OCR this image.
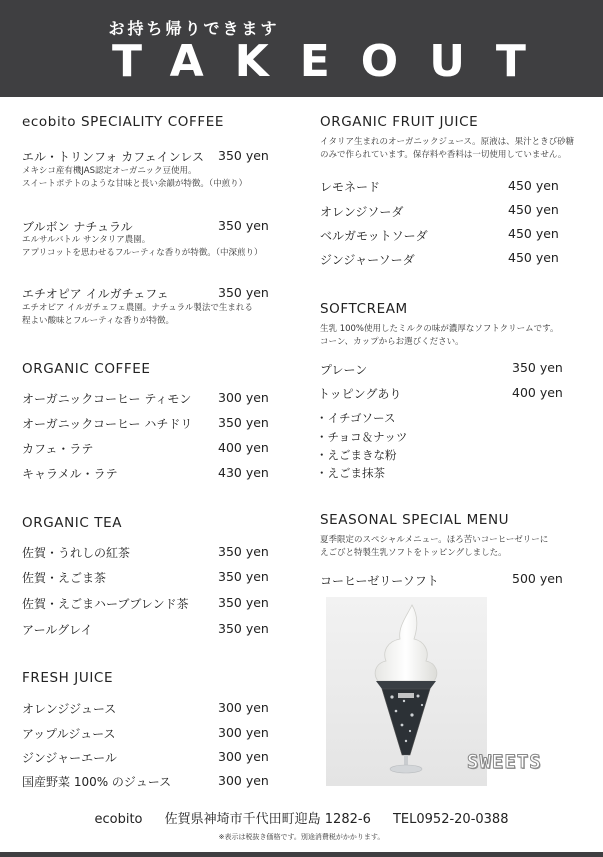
お持ち帰りできます
TAKEOUT
ecobito SPECIALITY COFFEE
エル・トリンフォ カフェインレス 350 yen
メキシコ産有機JAS認定オーガニック豆使用。
スイートポテトのような甘味と長い余韻が特徴。（中煎り）
ブルボン ナチュラル	350 yen
エルサルバトル サンタリア農園。
アプリコットを思わせるフルーティな香りが特徴。（中深煎り）
エチオピア イルガチェフェ	350 yen
エチオピア イルガチェフェ農園。ナチュラル製法で生まれる
程よい酸味とフルーティな香りが特徴。
ORGANIC COFFEE
オーガニックコーヒー ティモン 300 yen
オーガニックコーヒー ハチドリ 350 yen
カフェ・ラテ	400 yen
キャラメル・ラテ	430 yen
ORGANIC TEA
佐賀・うれしの紅茶	350 yen
佐賀・えごま茶	350 yen
佐賀・えごまハーブブレンド茶 350 yen
アールグレイ	350 yen
FRESH JUICE
オレンジジュース	300 yen
アップルジュース	300 yen
ジンジャーエール	300 yen
国産野菜 100% のジュース	300 yen
ORGANIC FRUIT JUICE
イタリア生まれのオーガニックジュース。原液は、果汁ときび砂糖
のみで作られています。保存料や香料は一切使用していません。
レモネード	450 yen
オレンジソーダ	450 yen
ベルガモットソーダ	450 yen
ジンジャーソーダ	450 yen
SOFTCREAM
生乳 100%使用したミルクの味が濃厚なソフトクリームです。
コーン、カップからお選びください。
プレーン	350 yen
トッピングあり	400 yen
・イチゴソース
・チョコ＆ナッツ
・えごまきな粉
・えごま抹茶
SEASONAL SPECIAL MENU
夏季限定のスペシャルメニュー。ほろ苦いコーヒーゼリーに
えごびと特製生乳ソフトをトッピングしました。
コーヒーゼリーソフト	500 yen
SWEETS
ecobito 佐賀県神埼市千代田町迎島 1282-6 TEL0952-20-0388
※表示は税抜き価格です。別途消費税がかかります。
